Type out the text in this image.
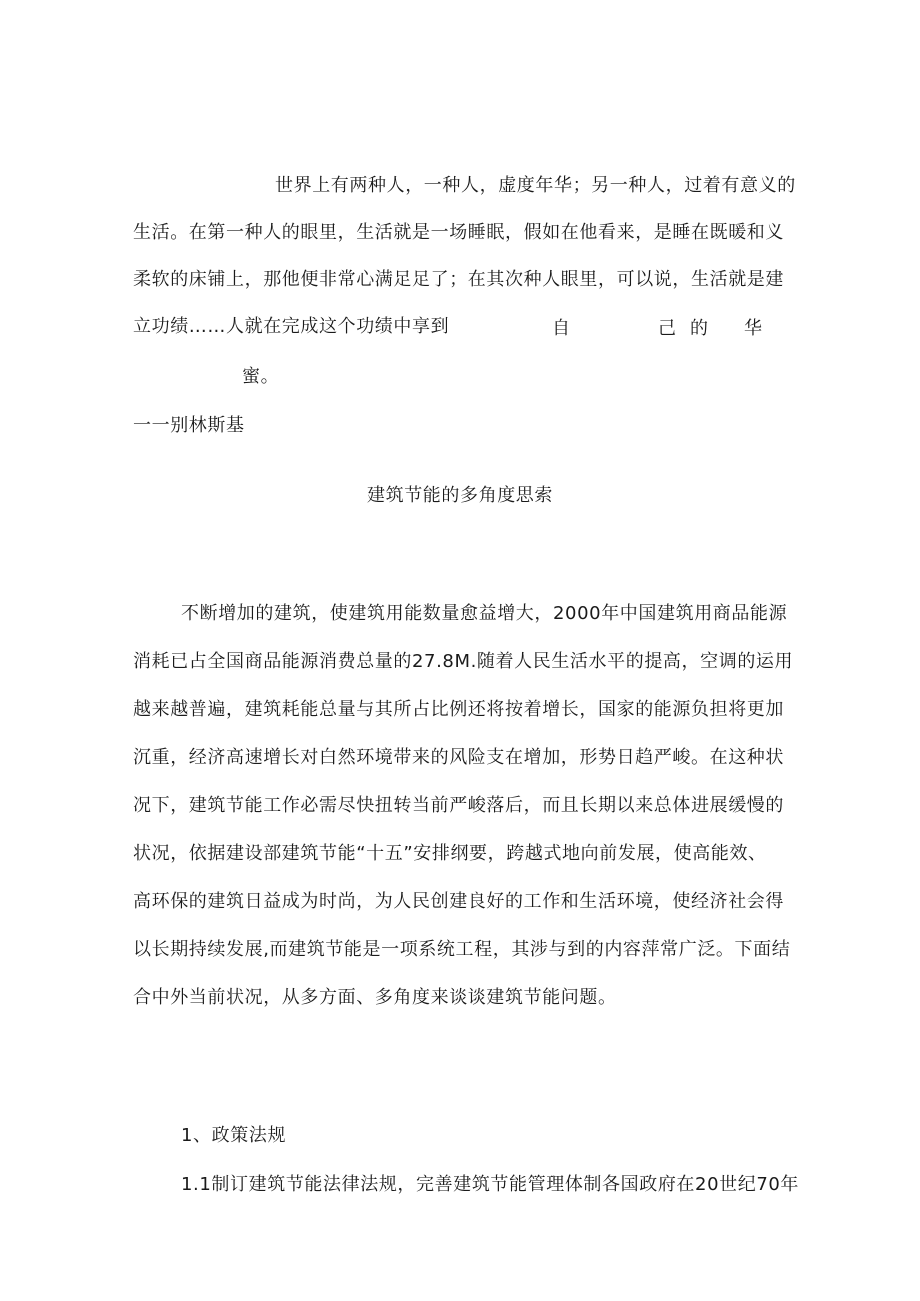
世界上有两种人，一种人，虚度年华；另一种人，过着有意义的
生活。在第一种人的眼里，生活就是一场睡眠，假如在他看来，是睡在既暖和义
柔软的床铺上，那他便非常心满足足了；在其次种人眼里，可以说，生活就是建
立功绩……人就在完成这个功绩中享到	自	己 的 华
蜜。
一一别林斯基
建筑节能的多角度思索
不断增加的建筑，使建筑用能数量愈益增大，2000年中国建筑用商品能源
消耗已占全国商品能源消费总量的27.8M.随着人民生活水平的提高，空调的运用
越来越普遍，建筑耗能总量与其所占比例还将按着增长，国家的能源负担将更加
沉重，经济高速增长对白然环境带来的风险支在增加，形势日趋严峻。在这种状
况下，建筑节能工作必需尽快扭转当前严峻落后，而且长期以来总体进展缓慢的
状况，依据建设部建筑节能“十五”安排纲要，跨越式地向前发展，使高能效、
高环保的建筑日益成为时尚，为人民创建良好的工作和生活环境，使经济社会得
以长期持续发展,而建筑节能是一项系统工程，其涉与到的内容萍常广泛。下面结
合中外当前状况，从多方面、多角度来谈谈建筑节能问题。
1、政策法规
1.1制订建筑节能法律法规，完善建筑节能管理体制各国政府在20世纪70年
